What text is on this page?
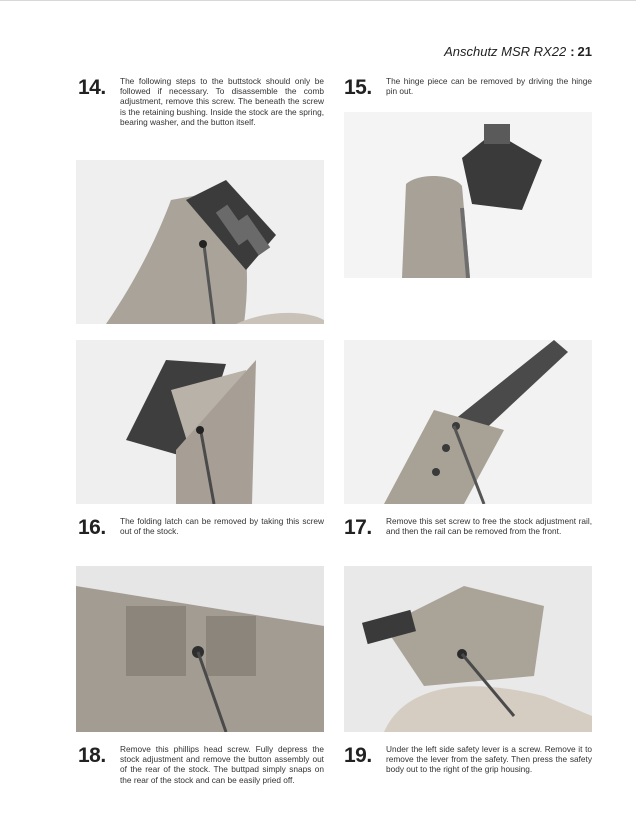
Anschutz MSR RX22 : 21
14. The following steps to the buttstock should only be followed if necessary. To disassemble the comb adjustment, remove this screw. The beneath the screw is the retaining bushing. Inside the stock are the spring, bearing washer, and the button itself.
15. The hinge piece can be removed by driving the hinge pin out.
16. The folding latch can be removed by taking this screw out of the stock.	17. Remove this set screw to free the stock adjustment rail, and then the rail can be removed from the front.
18. Remove this phillips head screw. Fully depress the stock adjustment and remove the button assembly out of the rear of the stock. The buttpad simply snaps on the rear of the stock and can be easily pried off.
19. Under the left side safety lever is a screw. Remove it to remove the lever from the safety. Then press the safety body out to the right of the grip housing.
